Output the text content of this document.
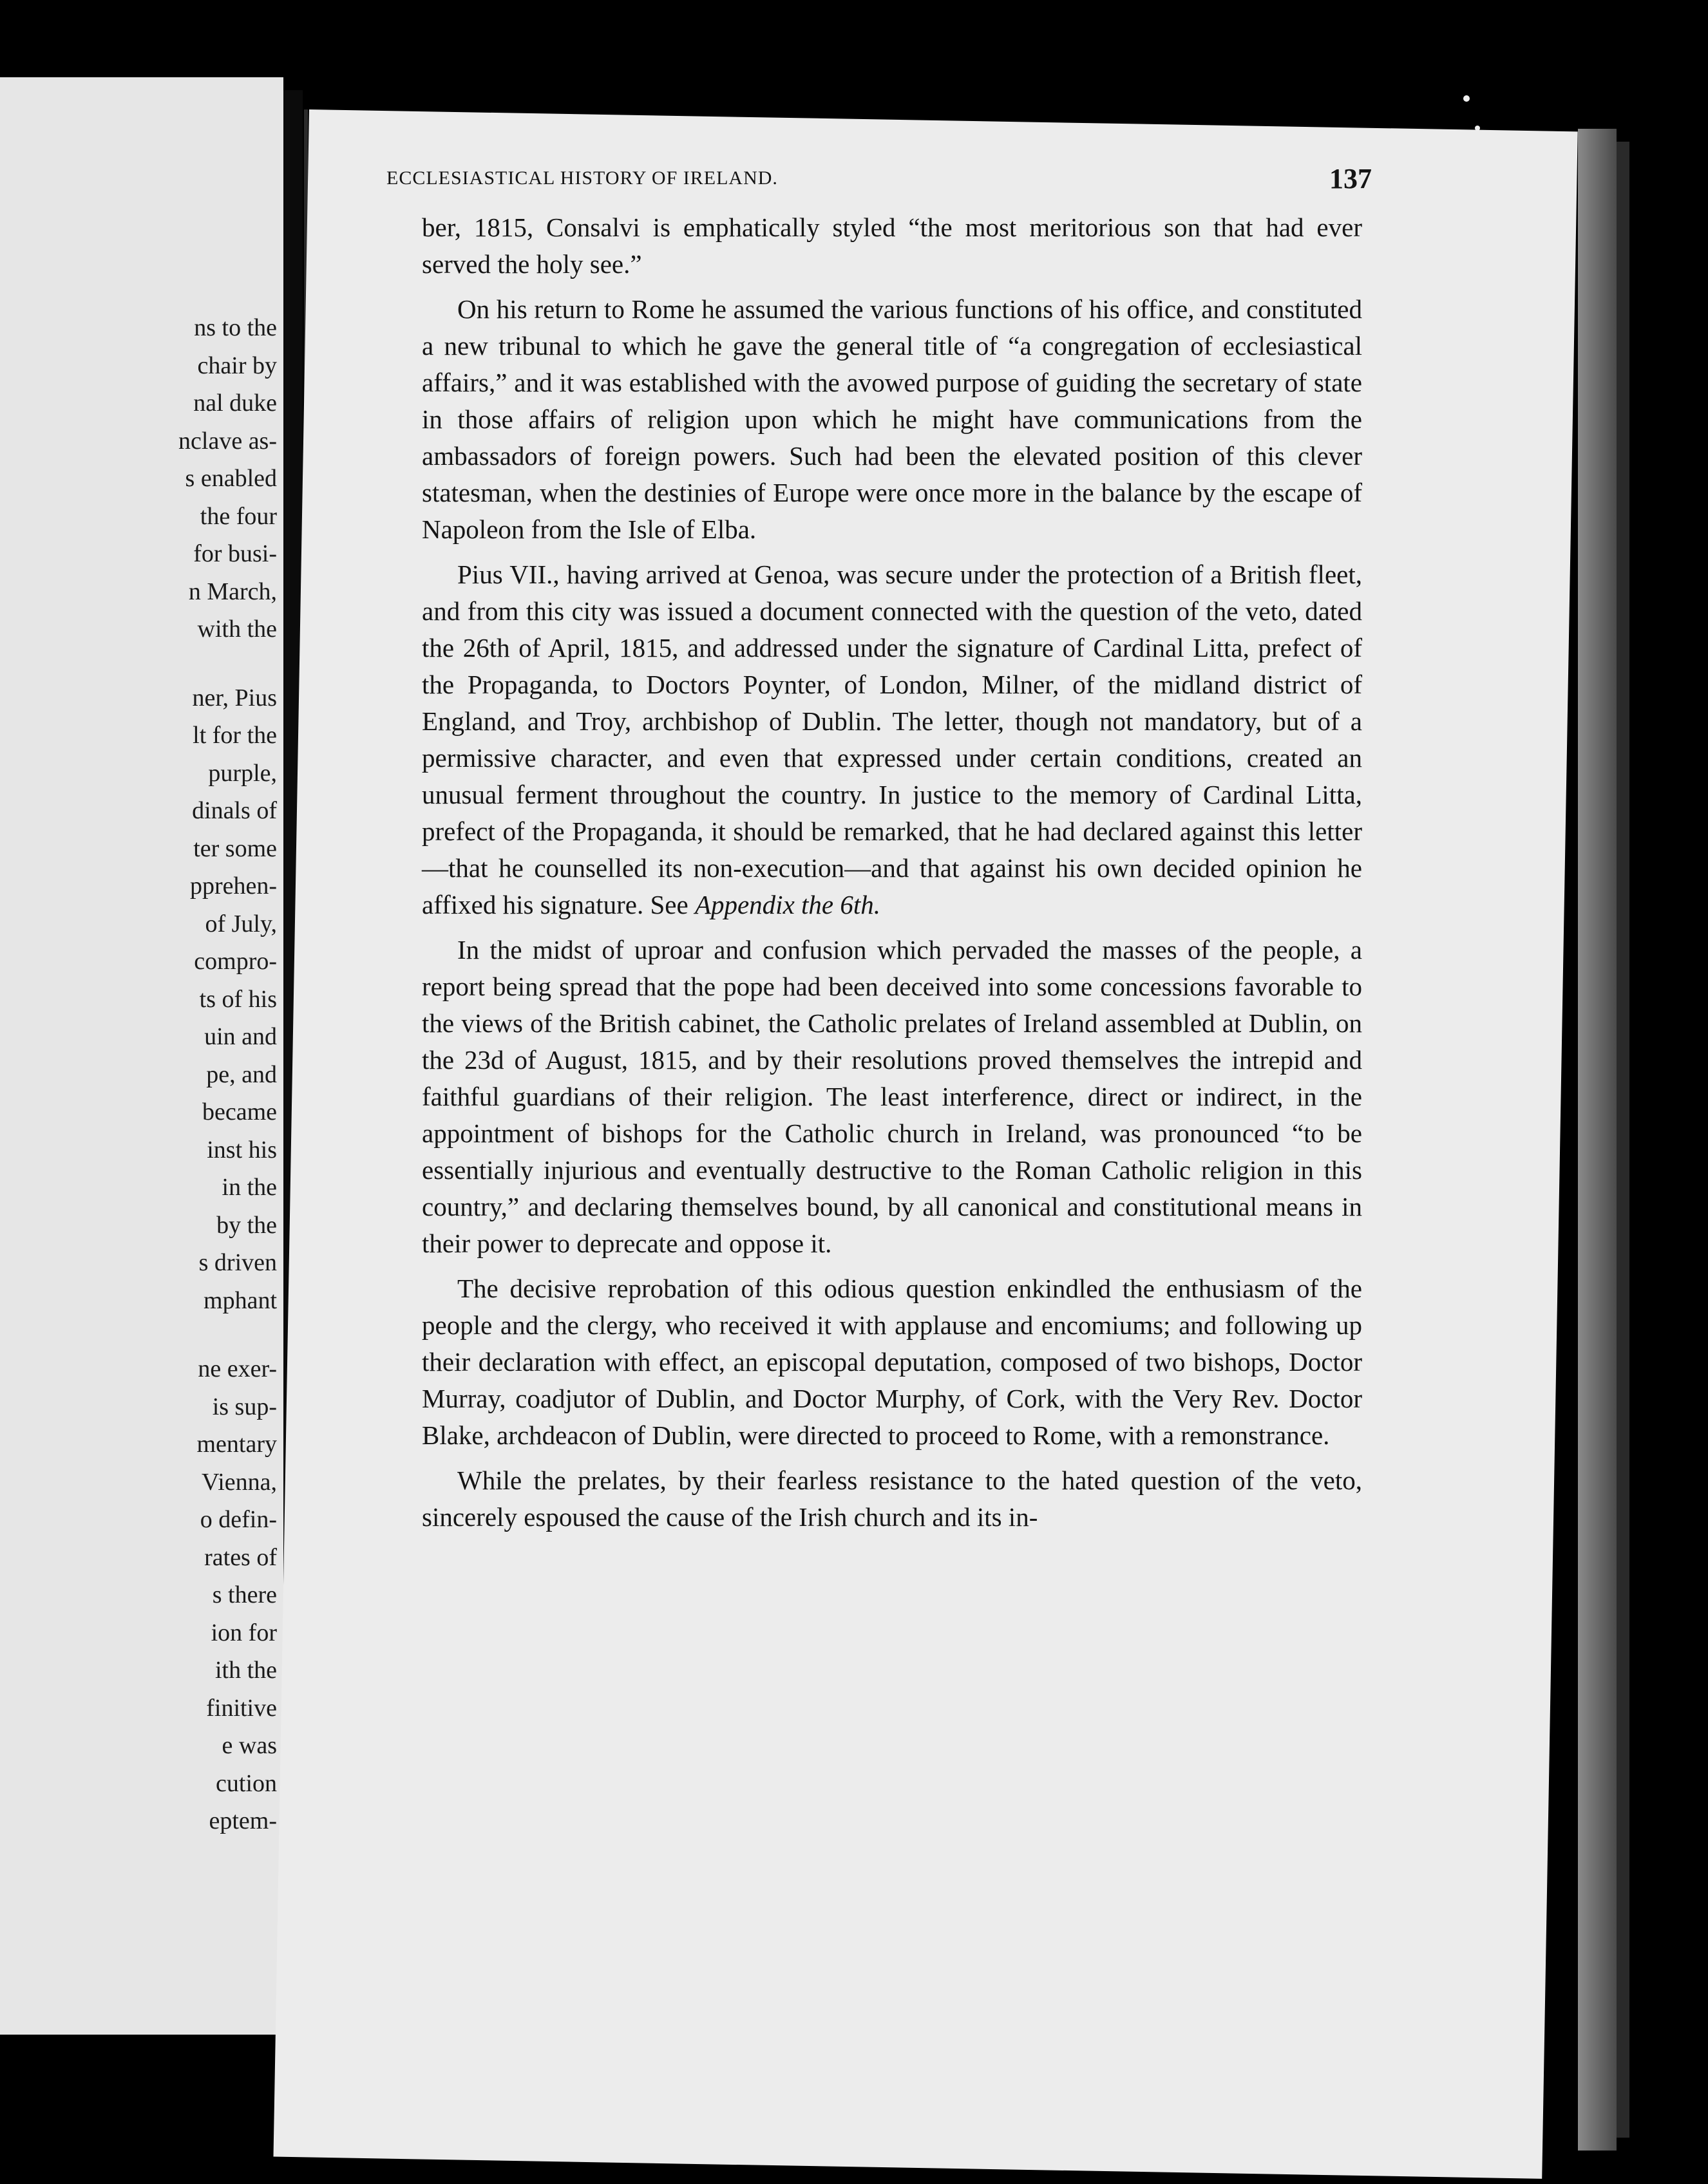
ns to the
chair by
nal duke
nclave as-
s enabled
the four
for busi-
n March,
with the
ner, Pius
lt for the
purple,
dinals of
ter some
pprehen-
of July,
compro-
ts of his
uin and
pe, and
became
inst his
in the
by the
s driven
mphant
ne exer-
is sup-
mentary
Vienna,
o defin-
rates of
s there
ion for
ith the
finitive
e was
cution
eptem-
ECCLESIASTICAL HISTORY OF IRELAND.	137

ber, 1815, Consalvi is emphatically styled “the most meritorious son that had ever served the holy see.”

On his return to Rome he assumed the various functions of his office, and constituted a new tribunal to which he gave the general title of “a congregation of ecclesiastical affairs,” and it was established with the avowed purpose of guiding the secretary of state in those affairs of religion upon which he might have communications from the ambassadors of foreign powers. Such had been the elevated position of this clever statesman, when the destinies of Europe were once more in the balance by the escape of Napoleon from the Isle of Elba.

Pius VII., having arrived at Genoa, was secure under the protection of a British fleet, and from this city was issued a document connected with the question of the veto, dated the 26th of April, 1815, and addressed under the signature of Cardinal Litta, prefect of the Propaganda, to Doctors Poynter, of London, Milner, of the midland district of England, and Troy, archbishop of Dublin. The letter, though not mandatory, but of a permissive character, and even that expressed under certain conditions, created an unusual ferment throughout the country. In justice to the memory of Cardinal Litta, prefect of the Propaganda, it should be remarked, that he had declared against this letter—that he counselled its non-execution—and that against his own decided opinion he affixed his signature. See Appendix the 6th.

In the midst of uproar and confusion which pervaded the masses of the people, a report being spread that the pope had been deceived into some concessions favorable to the views of the British cabinet, the Catholic prelates of Ireland assembled at Dublin, on the 23d of August, 1815, and by their resolutions proved themselves the intrepid and faithful guardians of their religion. The least interference, direct or indirect, in the appointment of bishops for the Catholic church in Ireland, was pronounced “to be essentially injurious and eventually destructive to the Roman Catholic religion in this country,” and declaring themselves bound, by all canonical and constitutional means in their power to deprecate and oppose it.

The decisive reprobation of this odious question enkindled the enthusiasm of the people and the clergy, who received it with applause and encomiums; and following up their declaration with effect, an episcopal deputation, composed of two bishops, Doctor Murray, coadjutor of Dublin, and Doctor Murphy, of Cork, with the Very Rev. Doctor Blake, archdeacon of Dublin, were directed to proceed to Rome, with a remonstrance.

While the prelates, by their fearless resistance to the hated question of the veto, sincerely espoused the cause of the Irish church and its in-
